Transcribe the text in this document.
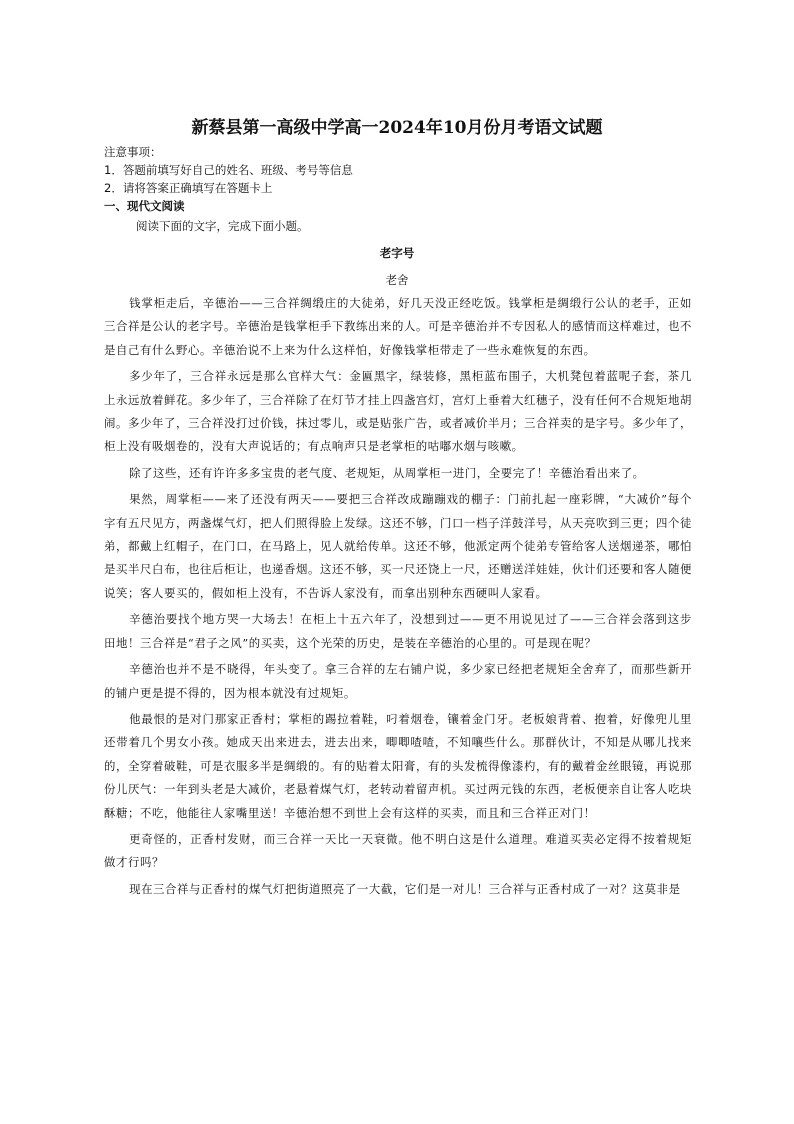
新蔡县第一高级中学高一2024年10月份月考语文试题
注意事项：
1．答题前填写好自己的姓名、班级、考号等信息
2．请将答案正确填写在答题卡上
一、现代文阅读
阅读下面的文字，完成下面小题。
老字号
老舍

钱掌柜走后，辛德治——三合祥绸缎庄的大徒弟，好几天没正经吃饭。钱掌柜是绸缎行公认的老手，正如三合祥是公认的老字号。辛德治是钱掌柜手下教练出来的人。可是辛德治并不专因私人的感情而这样难过，也不是自己有什么野心。辛德治说不上来为什么这样怕，好像钱掌柜带走了一些永难恢复的东西。

多少年了，三合祥永远是那么官样大气：金匾黑字，绿装修，黑柜蓝布围子，大机凳包着蓝呢子套，茶几上永远放着鲜花。多少年了，三合祥除了在灯节才挂上四盏宫灯，宫灯上垂着大红穗子，没有任何不合规矩地胡闹。多少年了，三合祥没打过价钱，抹过零儿，或是贴张广告，或者减价半月；三合祥卖的是字号。多少年了，柜上没有吸烟卷的，没有大声说话的；有点响声只是老掌柜的咕嘟水烟与咳嗽。

除了这些，还有许许多多宝贵的老气度、老规矩，从周掌柜一进门，全要完了！辛德治看出来了。

果然，周掌柜——来了还没有两天——要把三合祥改成蹦蹦戏的棚子：门前扎起一座彩牌，“大减价”每个字有五尺见方，两盏煤气灯，把人们照得脸上发绿。这还不够，门口一档子洋鼓洋号，从天亮吹到三更；四个徒弟，都戴上红帽子，在门口，在马路上，见人就给传单。这还不够，他派定两个徒弟专管给客人送烟递茶，哪怕是买半尺白布，也往后柜让，也递香烟。这还不够，买一尺还饶上一尺，还赠送洋娃娃，伙计们还要和客人随便说笑；客人要买的，假如柜上没有，不告诉人家没有，而拿出别种东西硬叫人家看。

辛德治要找个地方哭一大场去！在柜上十五六年了，没想到过——更不用说见过了——三合祥会落到这步田地！三合祥是“君子之风”的买卖，这个光荣的历史，是装在辛德治的心里的。可是现在呢？

辛德治也并不是不晓得，年头变了。拿三合祥的左右铺户说，多少家已经把老规矩全舍弃了，而那些新开的铺户更是提不得的，因为根本就没有过规矩。

他最恨的是对门那家正香村；掌柜的踢拉着鞋，叼着烟卷，镶着金门牙。老板娘背着、抱着，好像兜儿里还带着几个男女小孩。她成天出来进去，进去出来，唧唧喳喳，不知嚷些什么。那群伙计，不知是从哪儿找来的，全穿着破鞋，可是衣服多半是绸缎的。有的贴着太阳膏，有的头发梳得像漆杓，有的戴着金丝眼镜，再说那份儿厌气：一年到头老是大减价，老悬着煤气灯，老转动着留声机。买过两元钱的东西，老板便亲自让客人吃块酥糖；不吃，他能往人家嘴里送！辛德治想不到世上会有这样的买卖，而且和三合祥正对门！

更奇怪的，正香村发财，而三合祥一天比一天衰微。他不明白这是什么道理。难道买卖必定得不按着规矩做才行吗？

现在三合祥与正香村的煤气灯把街道照亮了一大截，它们是一对儿！三合祥与正香村成了一对？这莫非是
